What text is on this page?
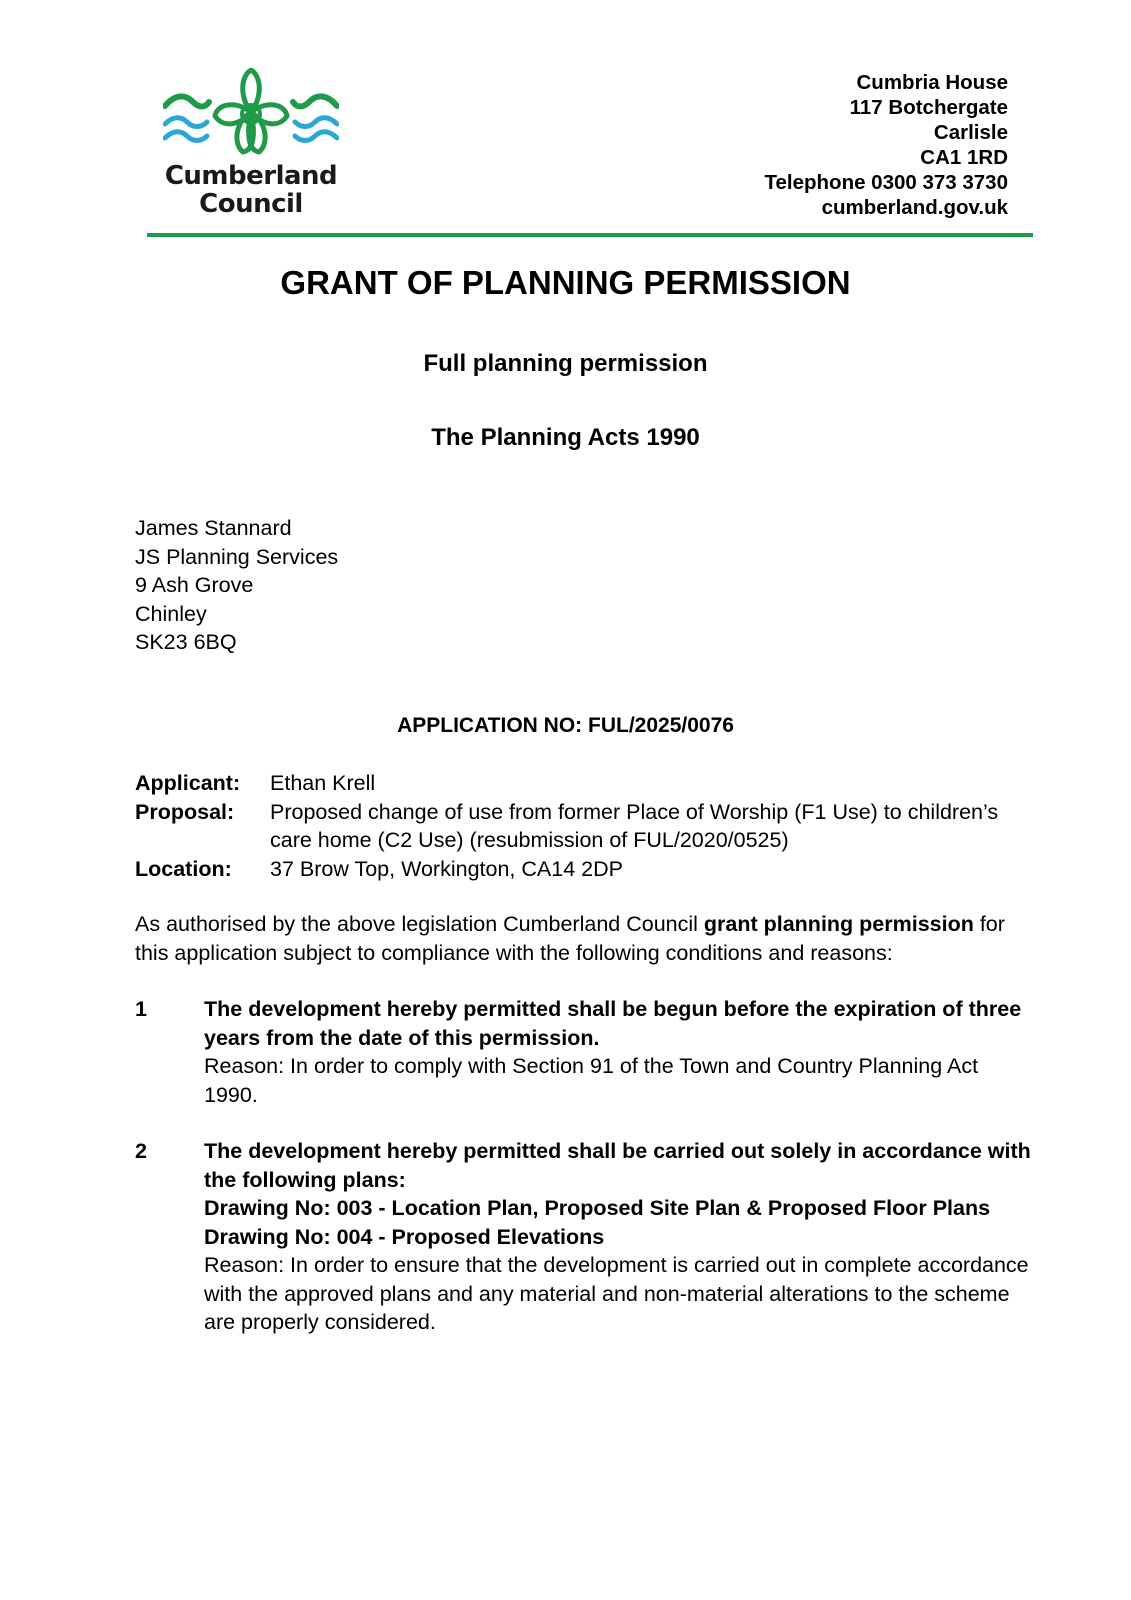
Cumberland
Council
Cumbria House
117 Botchergate
Carlisle
CA1 1RD
Telephone 0300 373 3730
cumberland.gov.uk
GRANT OF PLANNING PERMISSION
Full planning permission
The Planning Acts 1990
James Stannard
JS Planning Services
9 Ash Grove
Chinley
SK23 6BQ
APPLICATION NO: FUL/2025/0076
Applicant:	Ethan Krell
Proposal:	Proposed change of use from former Place of Worship (F1 Use) to children’s care home (C2 Use) (resubmission of FUL/2020/0525)
Location:	37 Brow Top, Workington, CA14 2DP
As authorised by the above legislation Cumberland Council grant planning permission for this application subject to compliance with the following conditions and reasons:
1	The development hereby permitted shall be begun before the expiration of three years from the date of this permission.
Reason: In order to comply with Section 91 of the Town and Country Planning Act 1990.
2	The development hereby permitted shall be carried out solely in accordance with the following plans:
Drawing No: 003 - Location Plan, Proposed Site Plan & Proposed Floor Plans
Drawing No: 004 - Proposed Elevations
Reason: In order to ensure that the development is carried out in complete accordance with the approved plans and any material and non-material alterations to the scheme are properly considered.
